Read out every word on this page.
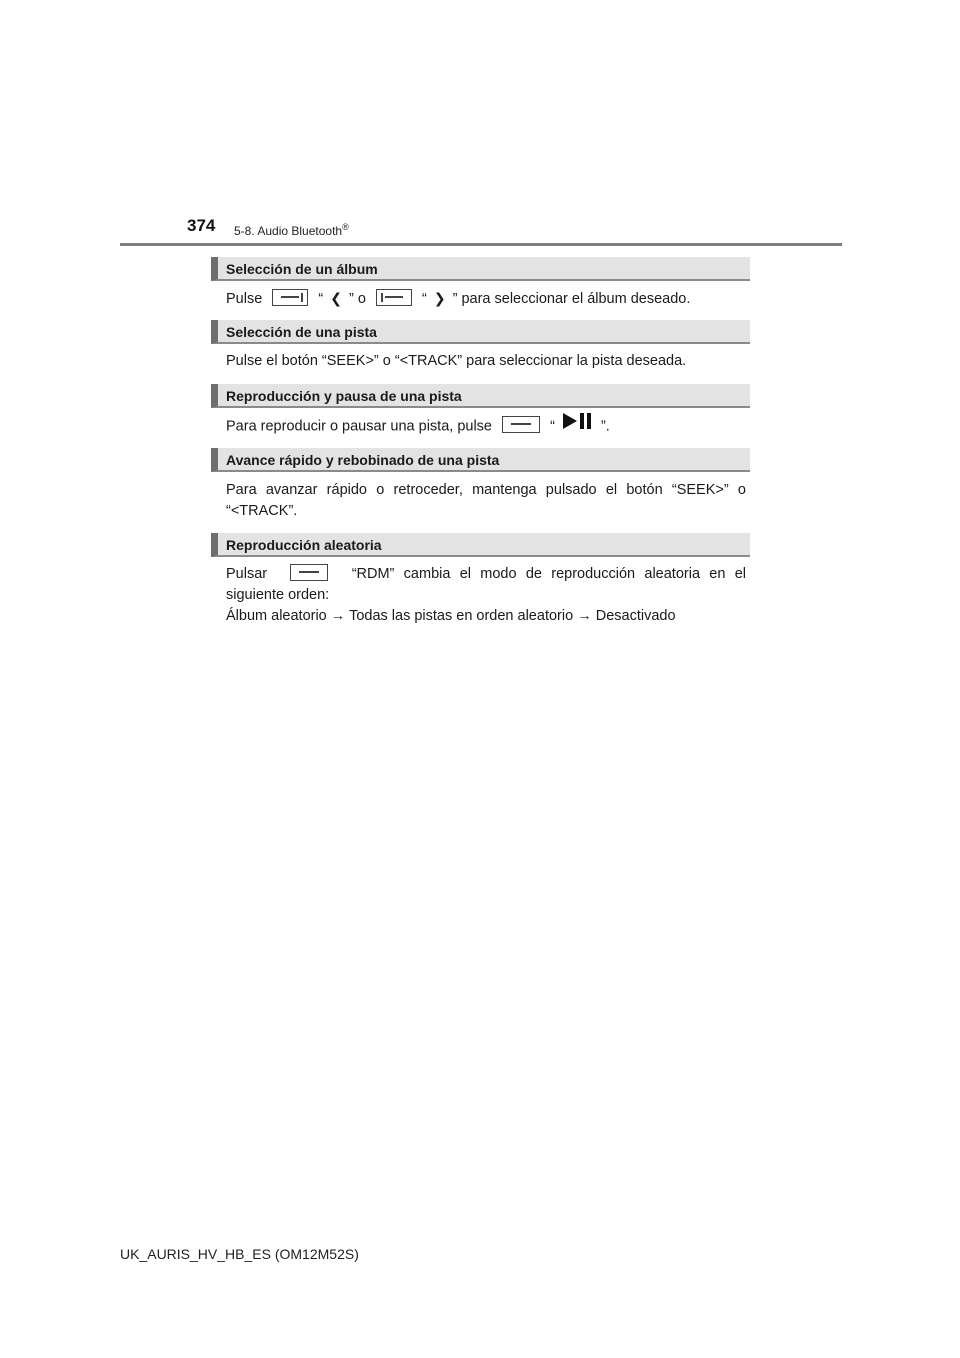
374 5-8. Audio Bluetooth®
Selección de un álbum
Pulse	“ ❮ ” o	“ ❯ ” para seleccionar el álbum deseado.
Selección de una pista
Pulse el botón “SEEK>” o “<TRACK” para seleccionar la pista deseada.
Reproducción y pausa de una pista
Para reproducir o pausar una pista, pulse	“	”.
Avance rápido y rebobinado de una pista
Para avanzar rápido o retroceder, mantenga pulsado el botón “SEEK>” o “<TRACK”.
Reproducción aleatoria
Pulsar	“RDM” cambia el modo de reproducción aleatoria en el siguiente orden:
Álbum aleatorio → Todas las pistas en orden aleatorio → Desactivado
UK_AURIS_HV_HB_ES (OM12M52S)
